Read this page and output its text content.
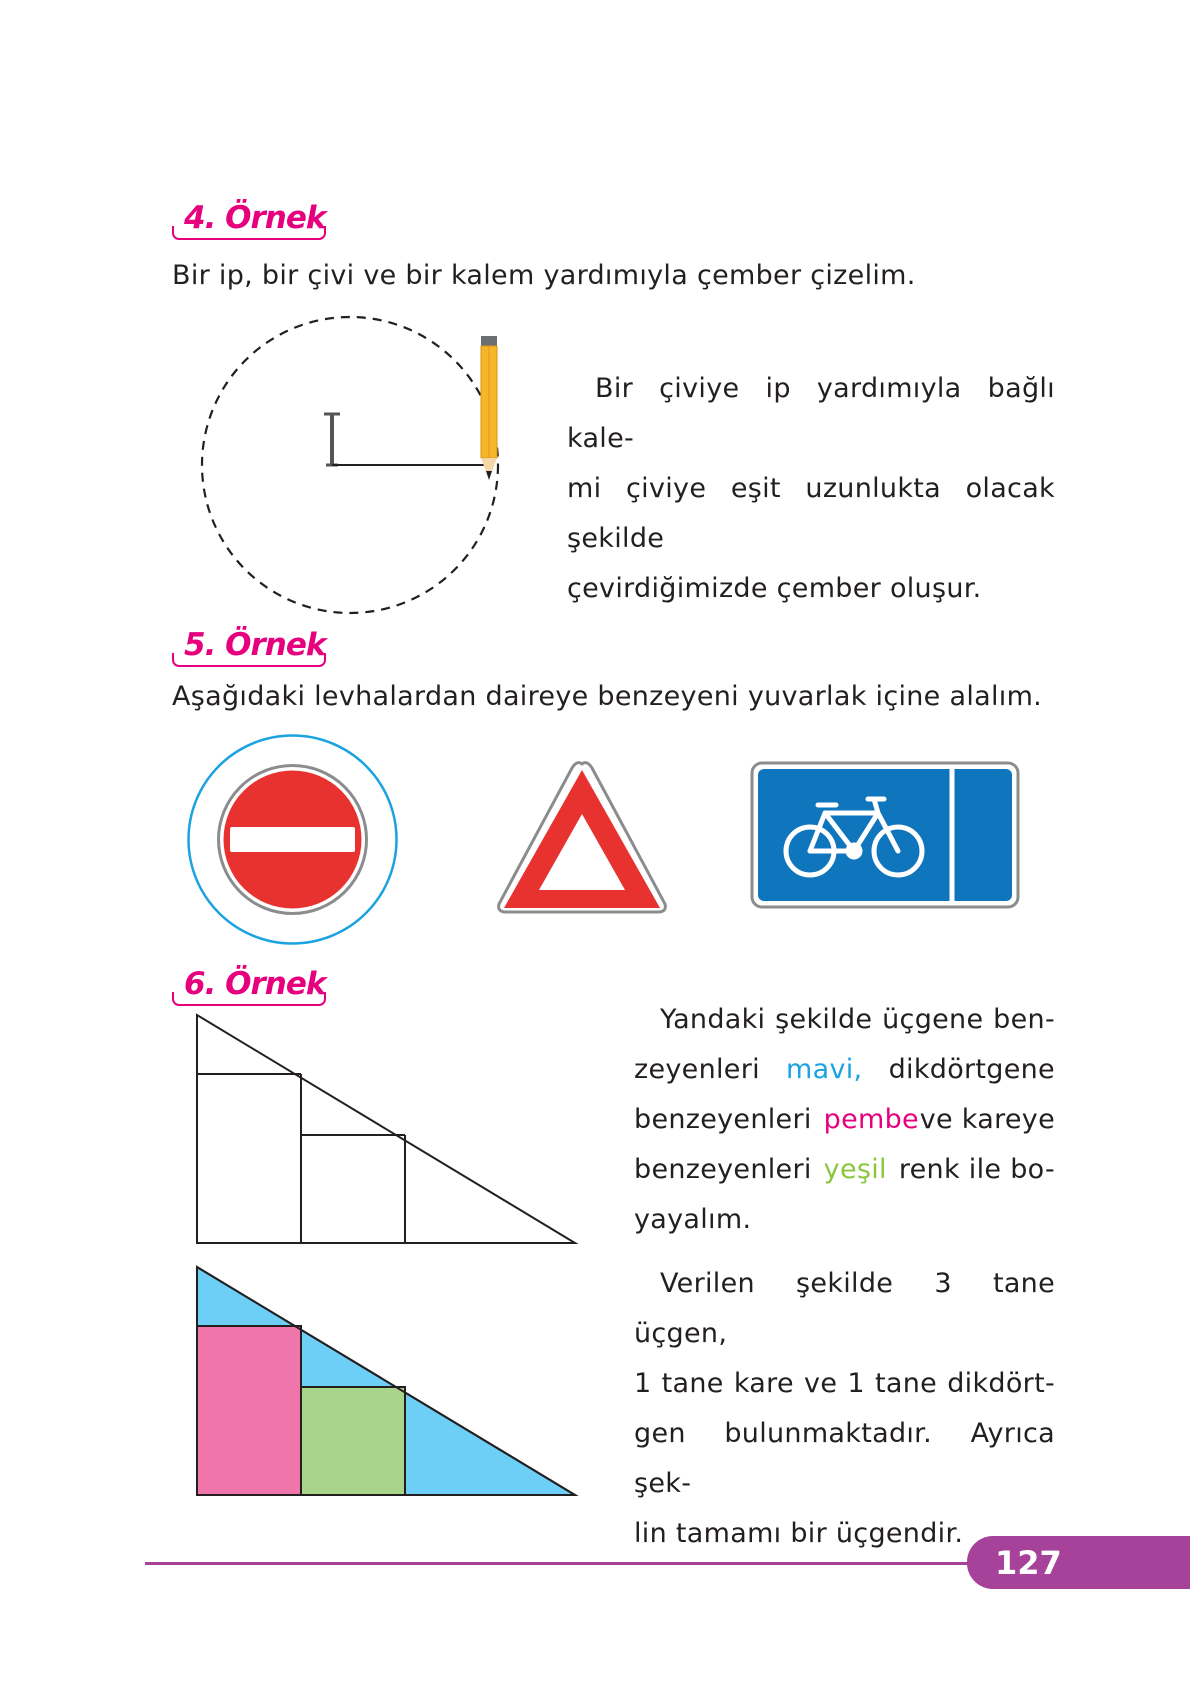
4. Örnek
Bir ip, bir çivi ve bir kalem yardımıyla çember çizelim.
Bir çiviye ip yardımıyla bağlı kale-
mi çiviye eşit uzunlukta olacak şekilde
çevirdiğimizde çember oluşur.
5. Örnek
Aşağıdaki levhalardan daireye benzeyeni yuvarlak içine alalım.
6. Örnek
Yandaki şekilde üçgene ben-
zeyenleri mavi, dikdörtgene
benzeyenleri pembe ve kareye
benzeyenleri yeşil renk ile bo-
yayalım.
Verilen şekilde 3 tane üçgen,
1 tane kare ve 1 tane dikdört-
gen bulunmaktadır. Ayrıca şek-
lin tamamı bir üçgendir.
127
